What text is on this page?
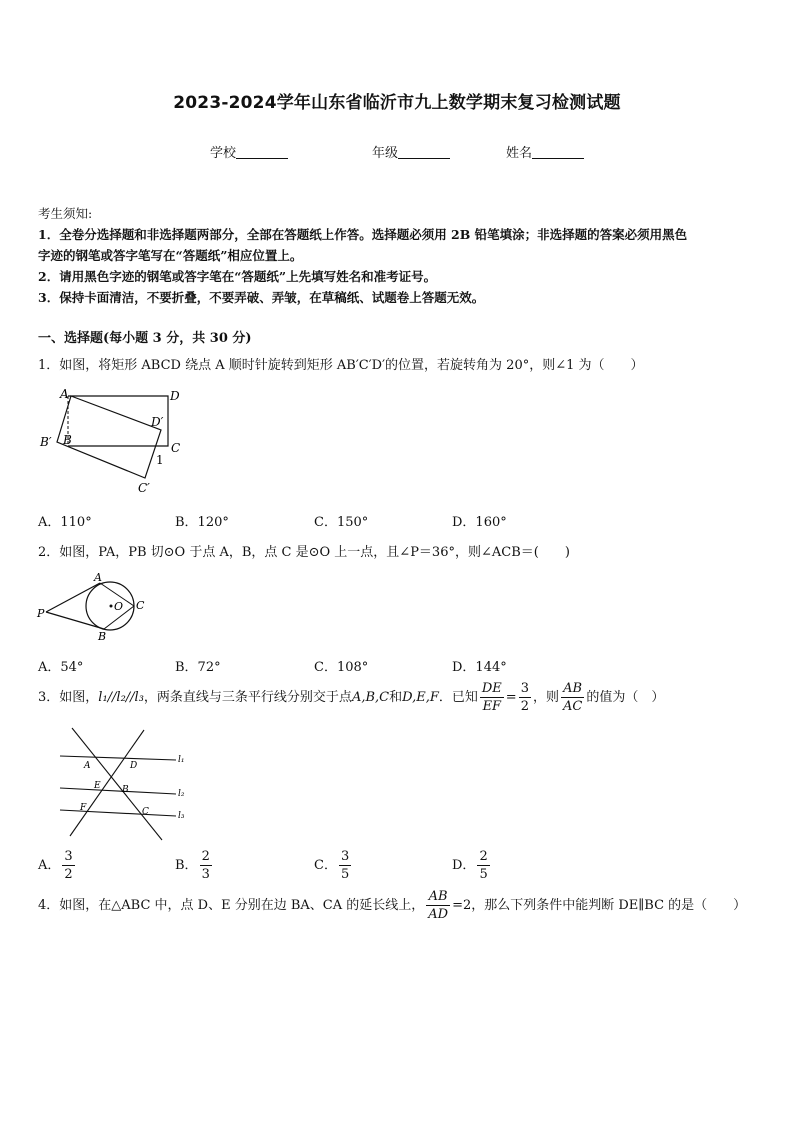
2023-2024学年山东省临沂市九上数学期末复习检测试题
学校	年级	姓名
考生须知:
1．全卷分选择题和非选择题两部分，全部在答题纸上作答。选择题必须用 2B 铅笔填涂；非选择题的答案必须用黑色
字迹的钢笔或答字笔写在“答题纸”相应位置上。
2．请用黑色字迹的钢笔或答字笔在“答题纸”上先填写姓名和准考证号。
3．保持卡面清洁，不要折叠，不要弄破、弄皱，在草稿纸、试题卷上答题无效。
一、选择题(每小题 3 分，共 30 分)
1．如图，将矩形 ABCD 绕点 A 顺时针旋转到矩形 AB′C′D′的位置，若旋转角为 20°，则∠1 为（　　）
A	D
D′
B′ B
C
1
C′
A．110°	B．120°	C．150°	D．160°
2．如图，PA，PB 切⊙O 于点 A，B，点 C 是⊙O 上一点，且∠P＝36°，则∠ACB＝(　　)
A
P
O C
B
A．54°	B．72°	C．108°	D．144°
3．如图，l₁//l₂//l₃，两条直线与三条平行线分别交于点A,B,C和D,E,F．已知 $\frac{DE}{EF} = \frac{3}{2}$ ，则 $\frac{AB}{AC}$ 的值为（　）
l₁
l₂
l₃
A	D
E B
F	C
A． $\frac{3}{2}$	B． $\frac{2}{3}$	C． $\frac{3}{5}$	D． $\frac{2}{5}$
4．如图，在△ABC 中，点 D、E 分别在边 BA、CA 的延长线上， $\frac{AB}{AD} =2$，那么下列条件中能判断 DE∥BC 的是（　　）
